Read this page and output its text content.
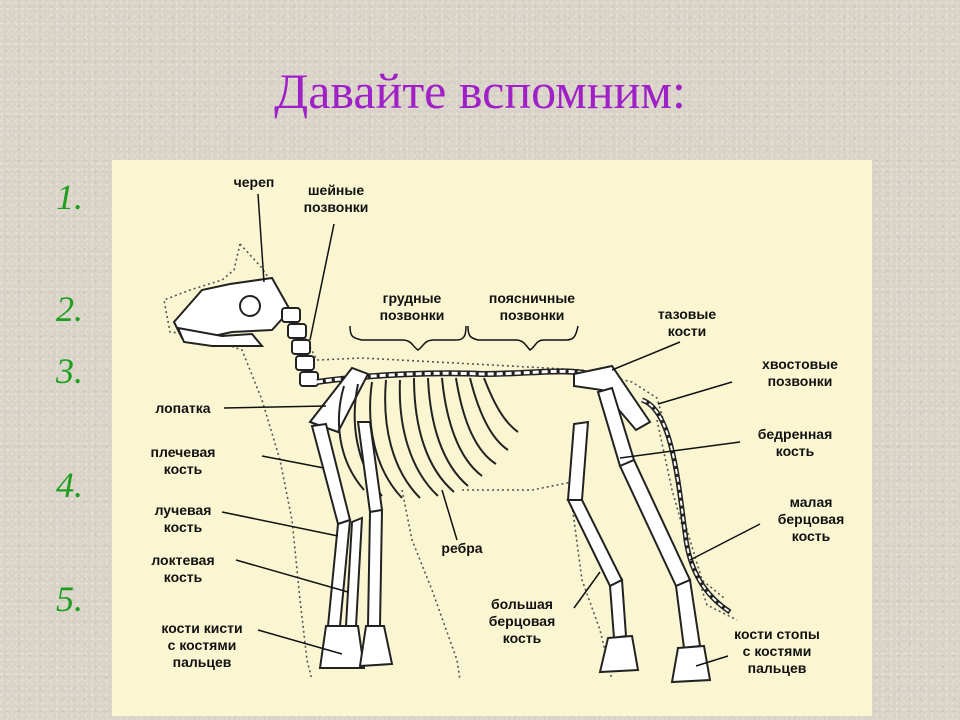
Давайте вспомним:
1.
2.
3.
4.
5.
череп	шейные
позвонки
грудные
позвонки
поясничные
позвонки	тазовые
кости
хвостовые
позвонки
лопатка
плечевая
кость
лучевая
кость
локтевая
кость
кости кисти
с костями
пальцев
ребра
бедренная
кость
малая
берцовая
кость
большая
берцовая
кость	кости стопы
с костями
пальцев
